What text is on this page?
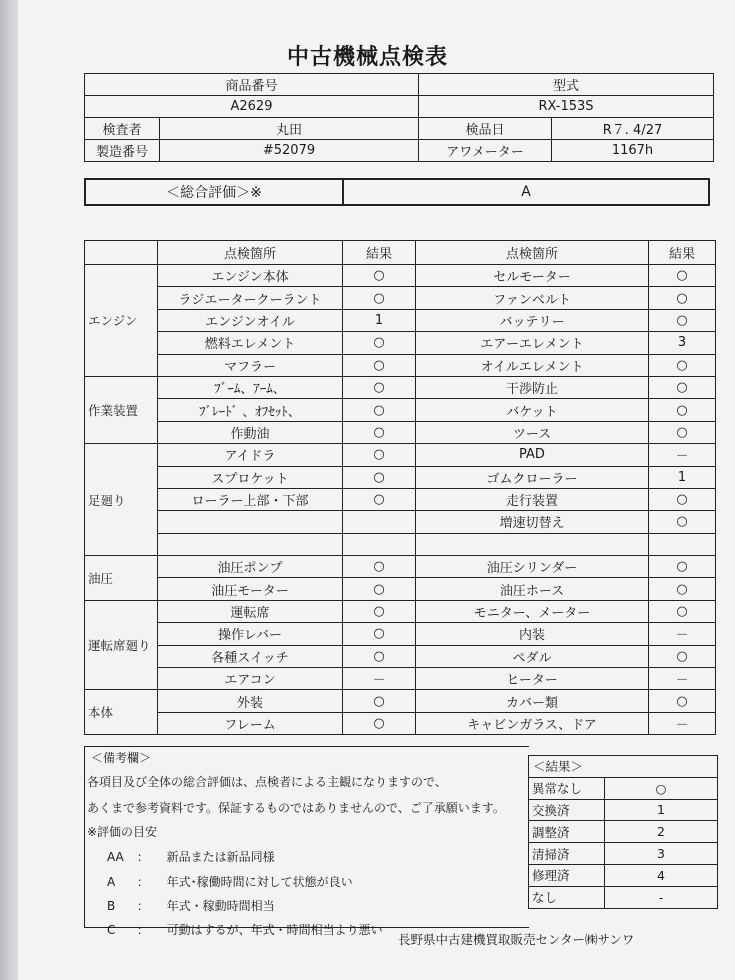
中古機械点検表
商品番号		型式	
A2629		RX-153S	
検査者	丸田	検品日	R７. 4/27
製造番号	#52079	アワメーター	1167h
＜総合評価＞※	A
	点検箇所	結果	点検箇所	結果
エンジン	エンジン本体	○	セルモーター	○
	ラジエータークーラント	○	ファンベルト	○
	エンジンオイル	1	バッテリー	○
	燃料エレメント	○	エアーエレメント	3
	マフラー	○	オイルエレメント	○
作業装置	ﾌﾞｰﾑ、ｱｰﾑ、	○	干渉防止	○
	ﾌﾞﾚｰﾄﾞ 、ｵﾌｾｯﾄ、	○	バケット	○
	作動油	○	ツース	○
足廻り	アイドラ	○	PAD	－
	スプロケット	○	ゴムクローラー	1
	ローラー上部・下部	○	走行装置	○
			増速切替え	○

油圧	油圧ポンプ	○	油圧シリンダー	○
	油圧モーター	○	油圧ホース	○
運転席廻り	運転席	○	モニター、メーター	○
	操作レバー	○	内装	－
	各種スイッチ	○	ペダル	○
	エアコン	－	ヒーター	－
本体	外装	○	カバー類	○
	フレーム	○	キャビンガラス、ドア	－
＜備考欄＞
各項目及び全体の総合評価は、点検者による主観になりますので、
あくまで参考資料です。保証するものではありませんので、ご了承願います。
※評価の目安
AA ： 新品または新品同様
A ： 年式･稼働時間に対して状態が良い
B ： 年式・稼動時間相当
C ： 可動はするが、年式・時間相当より悪い
＜結果＞	
異常なし	○
交換済	1
調整済	2
清掃済	3
修理済	4
なし	-
長野県中古建機買取販売センター㈱サンワ
